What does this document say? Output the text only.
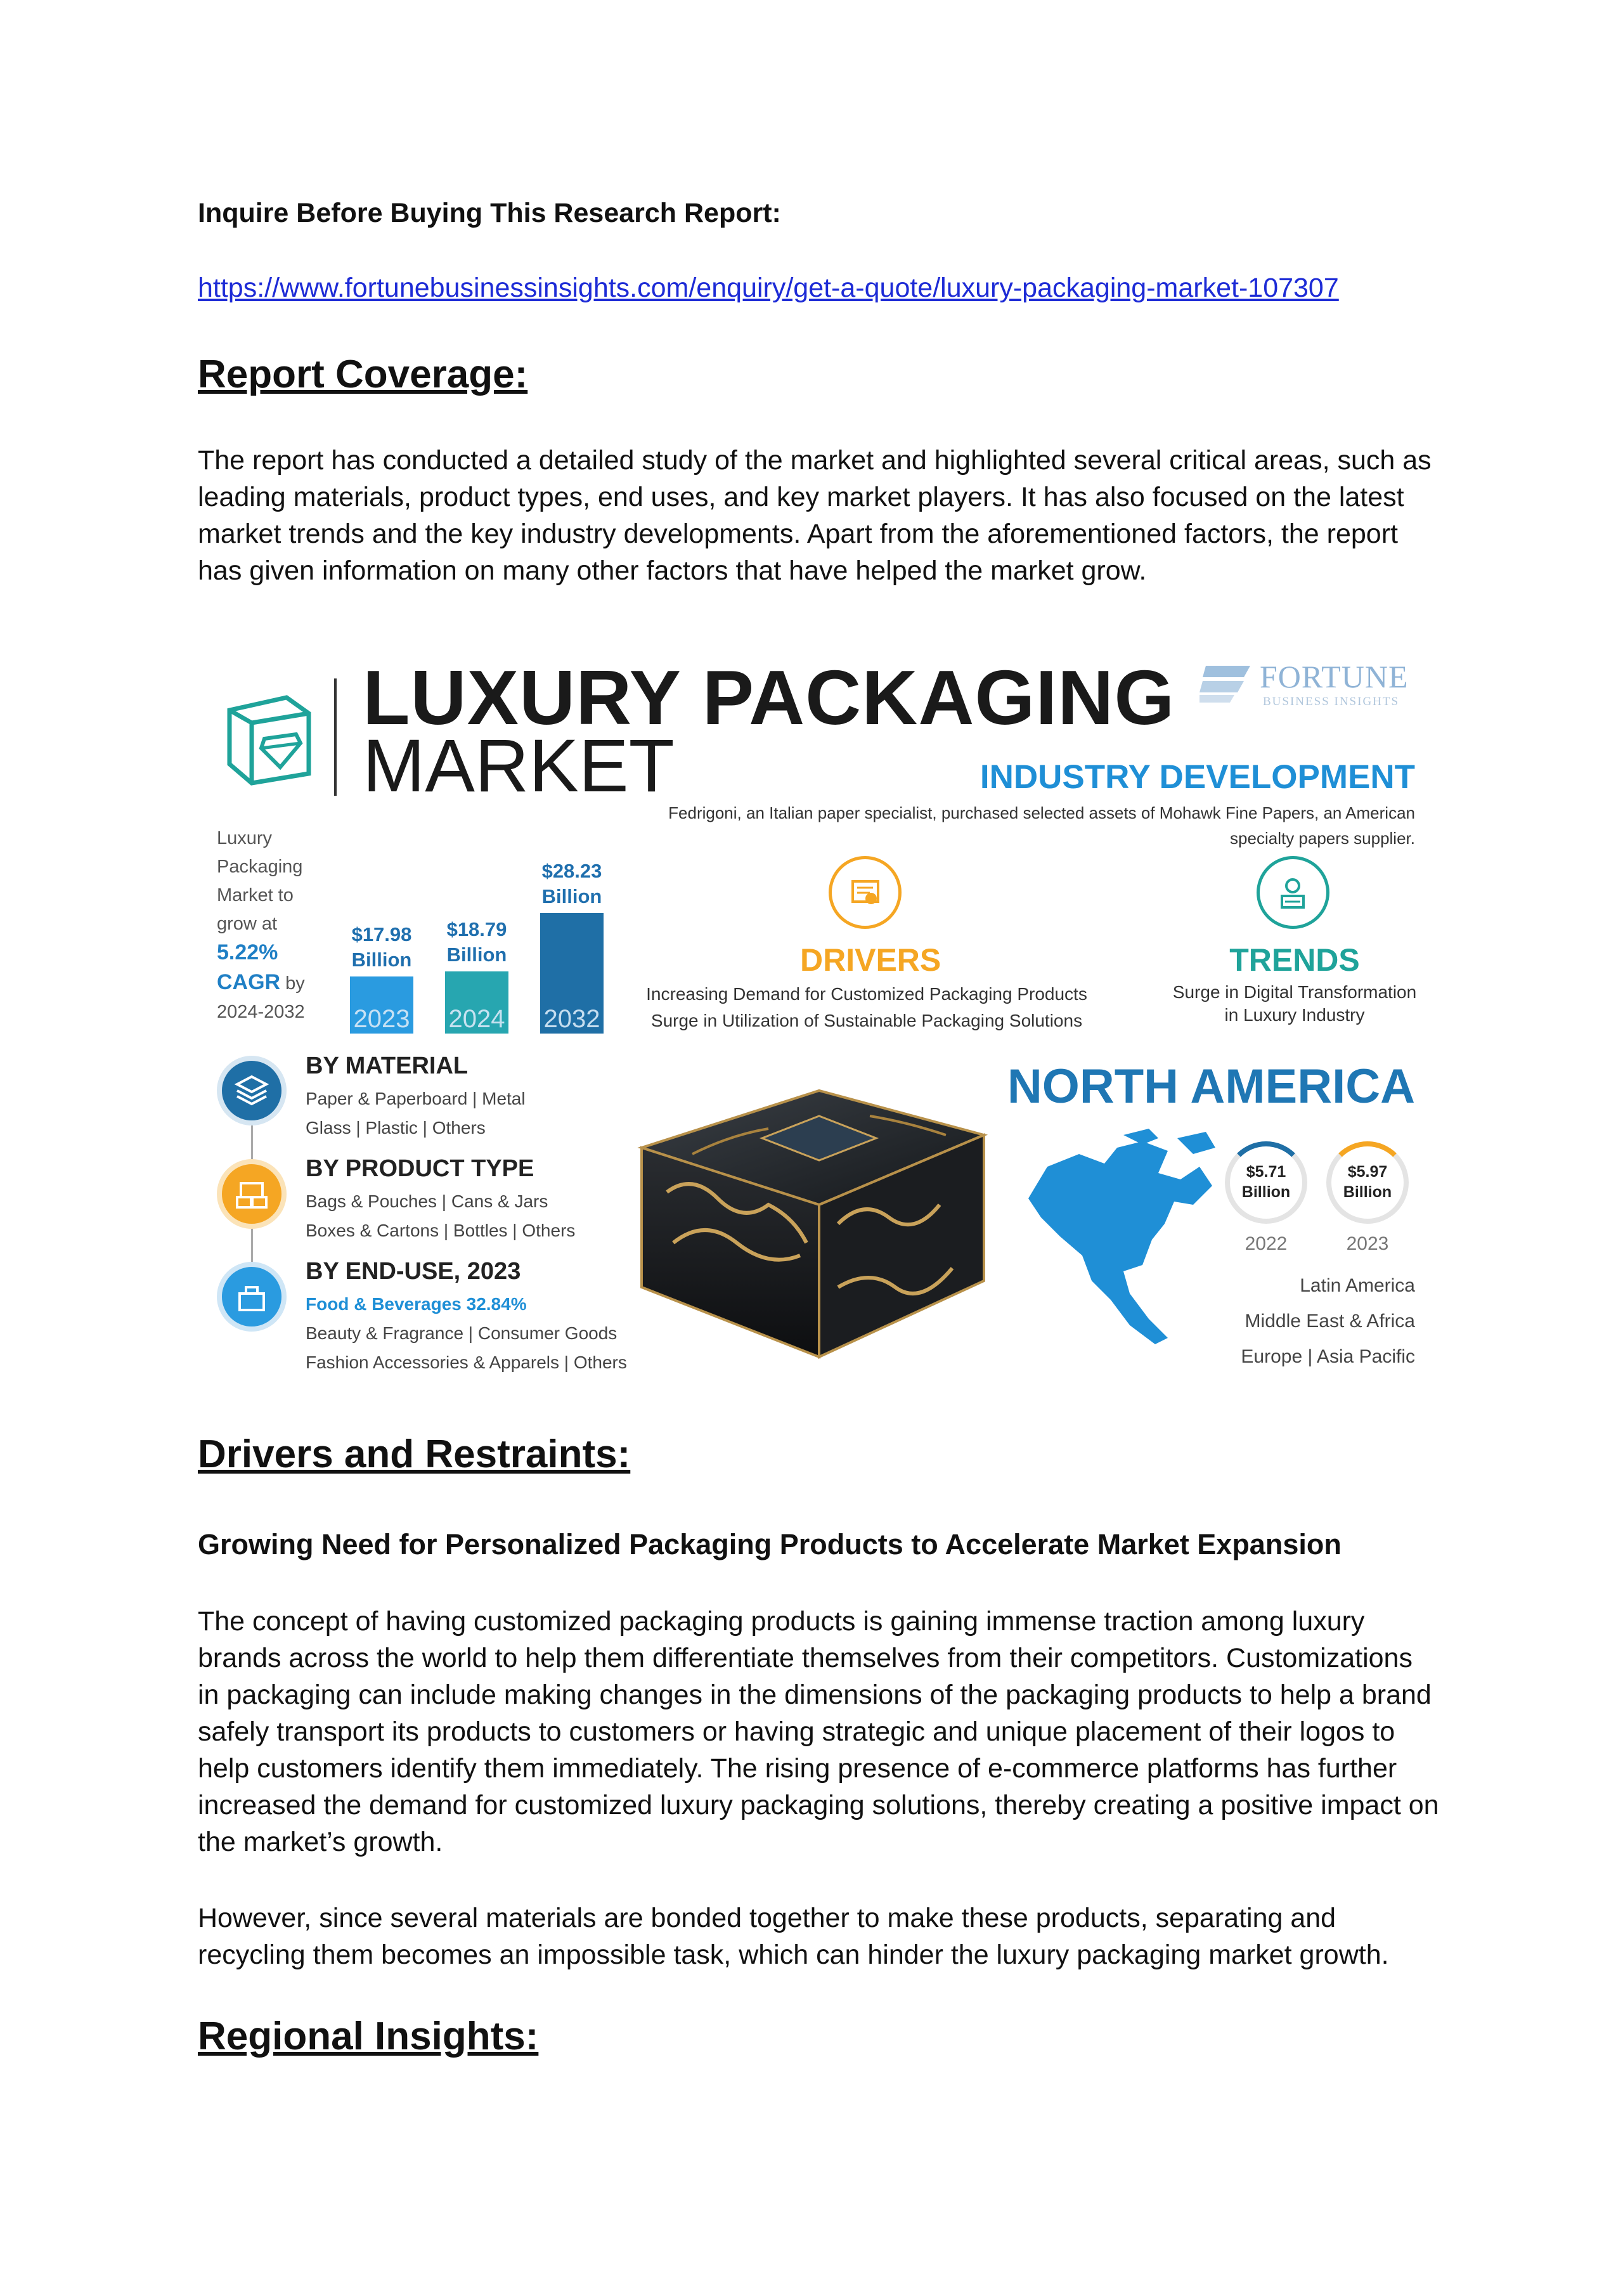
Inquire Before Buying This Research Report:
https://www.fortunebusinessinsights.com/enquiry/get-a-quote/luxury-packaging-market-107307
Report Coverage:
The report has conducted a detailed study of the market and highlighted several critical areas, such as leading materials, product types, end uses, and key market players. It has also focused on the latest market trends and the key industry developments. Apart from the aforementioned factors, the report has given information on many other factors that have helped the market grow.
Drivers and Restraints:
Growing Need for Personalized Packaging Products to Accelerate Market Expansion
The concept of having customized packaging products is gaining immense traction among luxury brands across the world to help them differentiate themselves from their competitors. Customizations in packaging can include making changes in the dimensions of the packaging products to help a brand safely transport its products to customers or having strategic and unique placement of their logos to help customers identify them immediately. The rising presence of e-commerce platforms has further increased the demand for customized luxury packaging solutions, thereby creating a positive impact on the market’s growth.
However, since several materials are bonded together to make these products, separating and recycling them becomes an impossible task, which can hinder the luxury packaging market growth.
Regional Insights:
LUXURY PACKAGING
MARKET
FORTUNE
BUSINESS INSIGHTS
INDUSTRY DEVELOPMENT
Fedrigoni, an Italian paper specialist, purchased selected assets of Mohawk Fine Papers, an American specialty papers supplier.
Luxury
Packaging
Market to
grow at
5.22%
CAGR by
2024-2032 2023
$17.98
Billion
2024
$18.79
Billion
2032
$28.23
Billion
DRIVERS
Increasing Demand for Customized Packaging Products
Surge in Utilization of Sustainable Packaging Solutions
TRENDS
Surge in Digital Transformation
in Luxury Industry
BY MATERIAL
Paper & Paperboard | Metal
Glass | Plastic | Others
BY PRODUCT TYPE
Bags & Pouches | Cans & Jars
Boxes & Cartons | Bottles | Others
BY END-USE, 2023
Food & Beverages 32.84%
Beauty & Fragrance | Consumer Goods
Fashion Accessories & Apparels | Others
NORTH AMERICA
$5.71
Billion
$5.97
Billion
2022	2023
Latin America
Middle East & Africa
Europe | Asia Pacific
